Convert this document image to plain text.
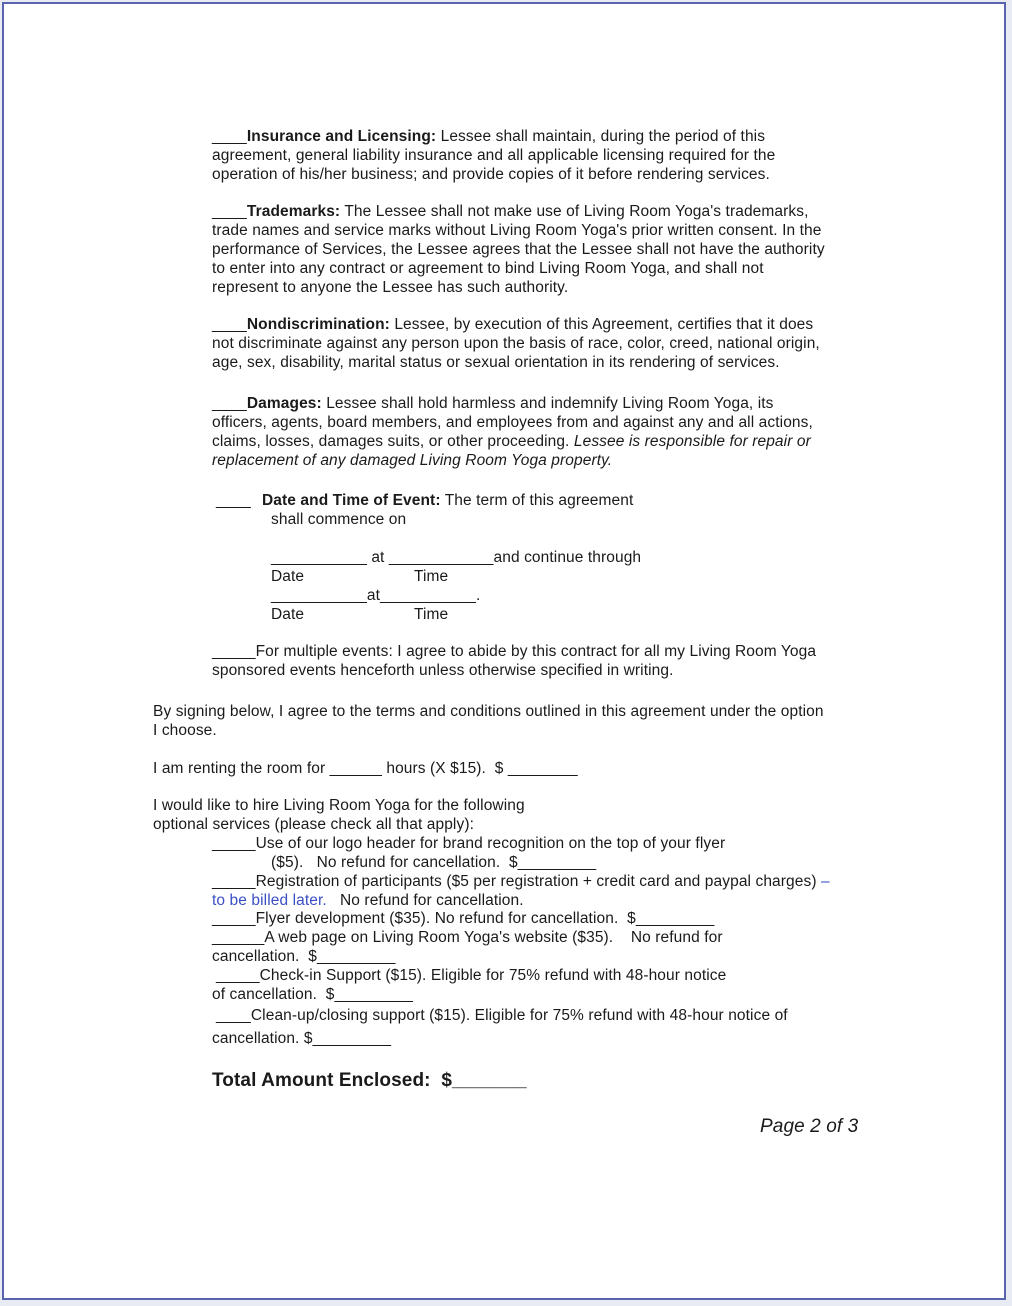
____Insurance and Licensing: Lessee shall maintain, during the period of this
agreement, general liability insurance and all applicable licensing required for the
operation of his/her business; and provide copies of it before rendering services.
____Trademarks: The Lessee shall not make use of Living Room Yoga's trademarks,
trade names and service marks without Living Room Yoga's prior written consent. In the
performance of Services, the Lessee agrees that the Lessee shall not have the authority
to enter into any contract or agreement to bind Living Room Yoga, and shall not
represent to anyone the Lessee has such authority.
____Nondiscrimination: Lessee, by execution of this Agreement, certifies that it does
not discriminate against any person upon the basis of race, color, creed, national origin,
age, sex, disability, marital status or sexual orientation in its rendering of services.
____Damages: Lessee shall hold harmless and indemnify Living Room Yoga, its
officers, agents, board members, and employees from and against any and all actions,
claims, losses, damages suits, or other proceeding. Lessee is responsible for repair or
replacement of any damaged Living Room Yoga property.
____ Date and Time of Event: The term of this agreement
shall commence on
___________ at ____________and continue through
Date	Time
___________at___________.
Date	Time
_____For multiple events: I agree to abide by this contract for all my Living Room Yoga
sponsored events henceforth unless otherwise specified in writing.
By signing below, I agree to the terms and conditions outlined in this agreement under the option
I choose.
I am renting the room for ______ hours (X $15).  $ ________
I would like to hire Living Room Yoga for the following
optional services (please check all that apply):
_____Use of our logo header for brand recognition on the top of your flyer
($5).   No refund for cancellation.  $_________
_____Registration of participants ($5 per registration + credit card and paypal charges) –
to be billed later.   No refund for cancellation.
_____Flyer development ($35). No refund for cancellation.  $_________
______A web page on Living Room Yoga's website ($35).    No refund for
cancellation.  $_________
_____Check-in Support ($15). Eligible for 75% refund with 48-hour notice
of cancellation.  $_________
____Clean-up/closing support ($15). Eligible for 75% refund with 48-hour notice of
cancellation. $_________
Total Amount Enclosed:  $_______
Page 2 of 3
